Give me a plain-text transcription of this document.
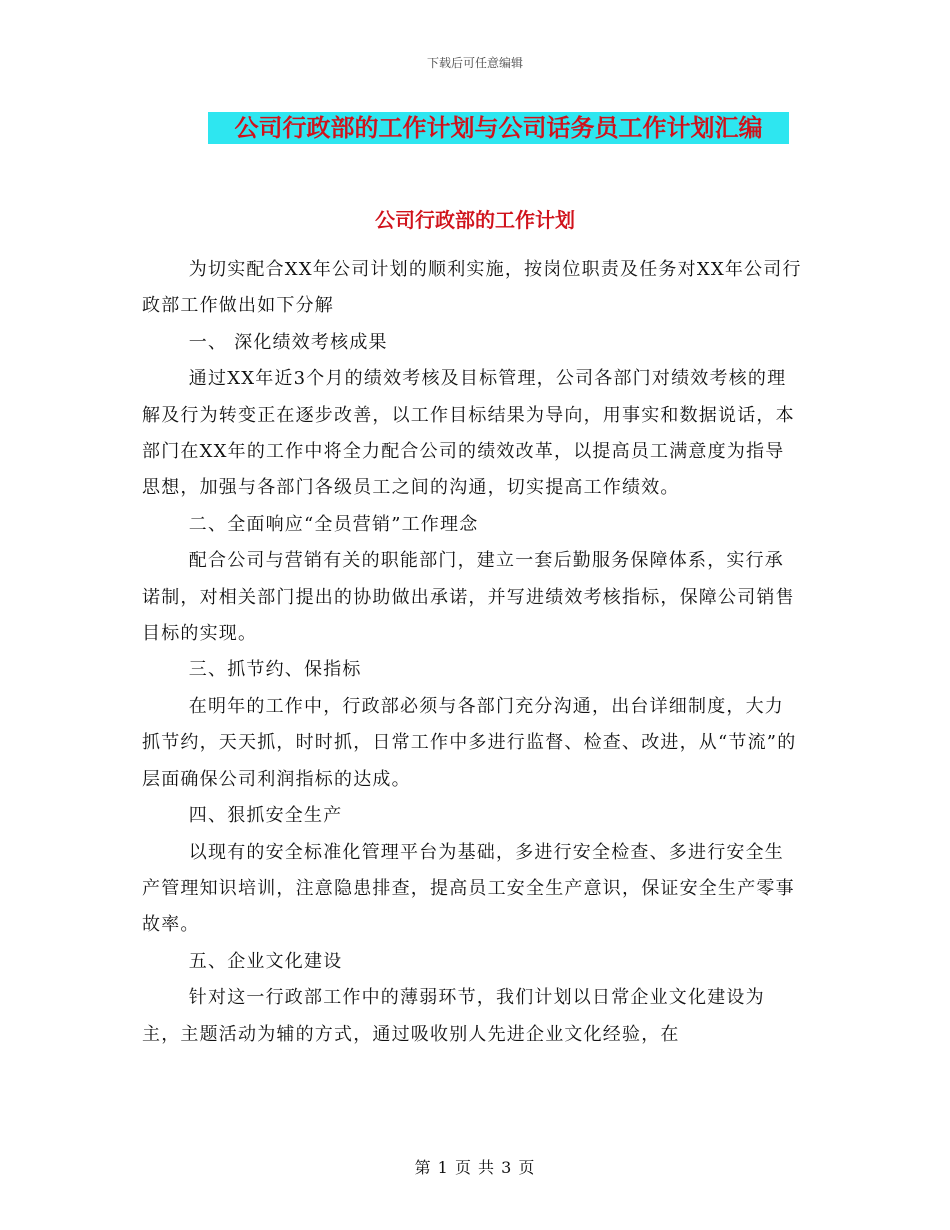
下载后可任意编辑
公司行政部的工作计划与公司话务员工作计划汇编
公司行政部的工作计划

为切实配合XX年公司计划的顺利实施，按岗位职责及任务对XX年公司行政部工作做出如下分解

一、 深化绩效考核成果

通过XX年近3个月的绩效考核及目标管理，公司各部门对绩效考核的理解及行为转变正在逐步改善，以工作目标结果为导向，用事实和数据说话，本部门在XX年的工作中将全力配合公司的绩效改革，以提高员工满意度为指导思想，加强与各部门各级员工之间的沟通，切实提高工作绩效。

二、全面响应“全员营销”工作理念

配合公司与营销有关的职能部门，建立一套后勤服务保障体系，实行承诺制，对相关部门提出的协助做出承诺，并写进绩效考核指标，保障公司销售目标的实现。

三、抓节约、保指标

在明年的工作中，行政部必须与各部门充分沟通，出台详细制度，大力抓节约，天天抓，时时抓，日常工作中多进行监督、检查、改进，从“节流”的层面确保公司利润指标的达成。

四、狠抓安全生产

以现有的安全标准化管理平台为基础，多进行安全检查、多进行安全生产管理知识培训，注意隐患排查，提高员工安全生产意识，保证安全生产零事故率。

五、企业文化建设

针对这一行政部工作中的薄弱环节，我们计划以日常企业文化建设为主，主题活动为辅的方式，通过吸收别人先进企业文化经验，在

第 1 页 共 3 页
